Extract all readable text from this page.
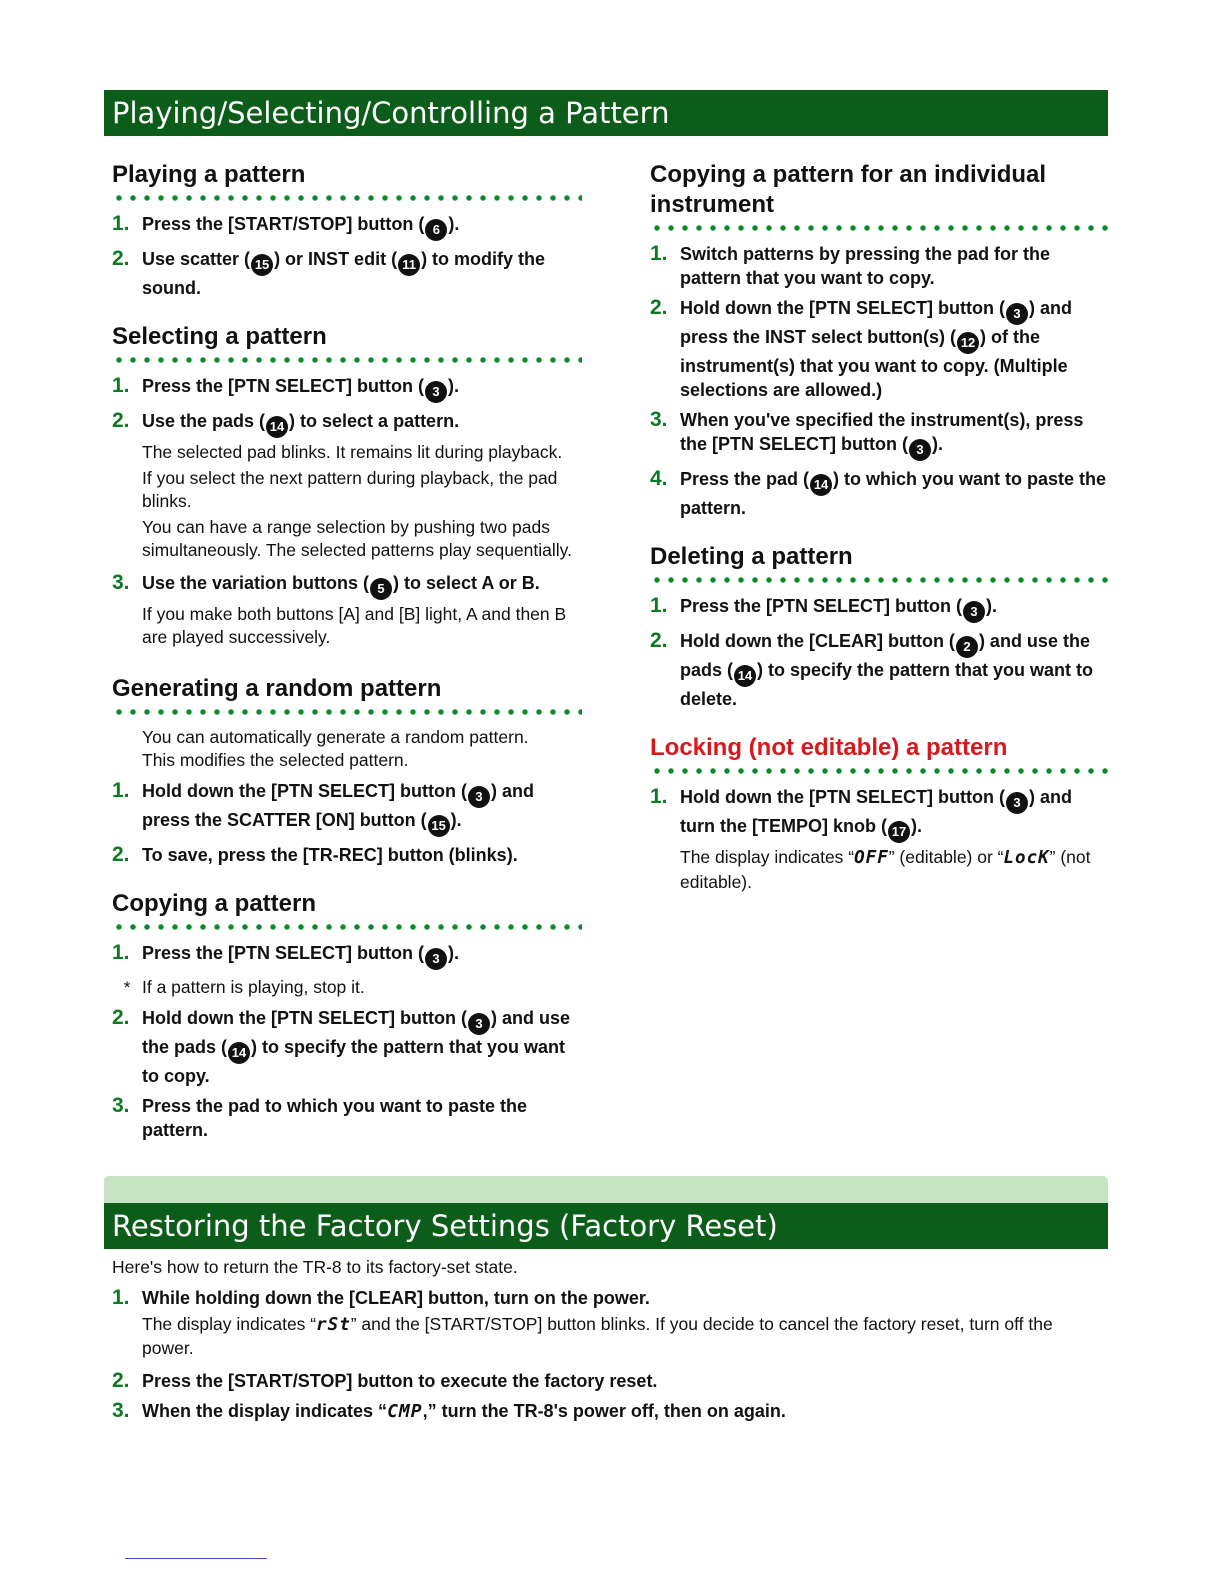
Playing/Selecting/Controlling a Pattern
Playing a pattern
1. Press the [START/STOP] button ( 6 ).
2. Use scatter ( 15 ) or INST edit ( 11 ) to modify the sound.
Selecting a pattern
1. Press the [PTN SELECT] button ( 3 ).
2. Use the pads ( 14 ) to select a pattern.
The selected pad blinks. It remains lit during playback.
If you select the next pattern during playback, the pad blinks.
You can have a range selection by pushing two pads simultaneously. The selected patterns play sequentially.
3. Use the variation buttons ( 5 ) to select A or B.
If you make both buttons [A] and [B] light, A and then B are played successively.
Generating a random pattern
You can automatically generate a random pattern.
This modifies the selected pattern.
1. Hold down the [PTN SELECT] button ( 3 ) and press the SCATTER [ON] button ( 15 ).
2. To save, press the [TR-REC] button (blinks).
Copying a pattern
1. Press the [PTN SELECT] button ( 3 ).
* If a pattern is playing, stop it.
2. Hold down the [PTN SELECT] button ( 3 ) and use the pads ( 14 ) to specify the pattern that you want to copy.
3. Press the pad to which you want to paste the pattern.
Copying a pattern for an individual instrument
1. Switch patterns by pressing the pad for the pattern that you want to copy.
2. Hold down the [PTN SELECT] button ( 3 ) and press the INST select button(s) ( 12 ) of the instrument(s) that you want to copy. (Multiple selections are allowed.)
3. When you've specified the instrument(s), press the [PTN SELECT] button ( 3 ).
4. Press the pad ( 14 ) to which you want to paste the pattern.
Deleting a pattern
1. Press the [PTN SELECT] button ( 3 ).
2. Hold down the [CLEAR] button ( 2 ) and use the pads ( 14 ) to specify the pattern that you want to delete.
Locking (not editable) a pattern
1. Hold down the [PTN SELECT] button ( 3 ) and turn the [TEMPO] knob ( 17 ).
The display indicates “OFF” (editable) or “LocK” (not editable).
Restoring the Factory Settings (Factory Reset)
Here's how to return the TR-8 to its factory-set state.
1. While holding down the [CLEAR] button, turn on the power.
The display indicates “rSt” and the [START/STOP] button blinks. If you decide to cancel the factory reset, turn off the power.
2. Press the [START/STOP] button to execute the factory reset.
3. When the display indicates “CMP,” turn the TR-8's power off, then on again.
